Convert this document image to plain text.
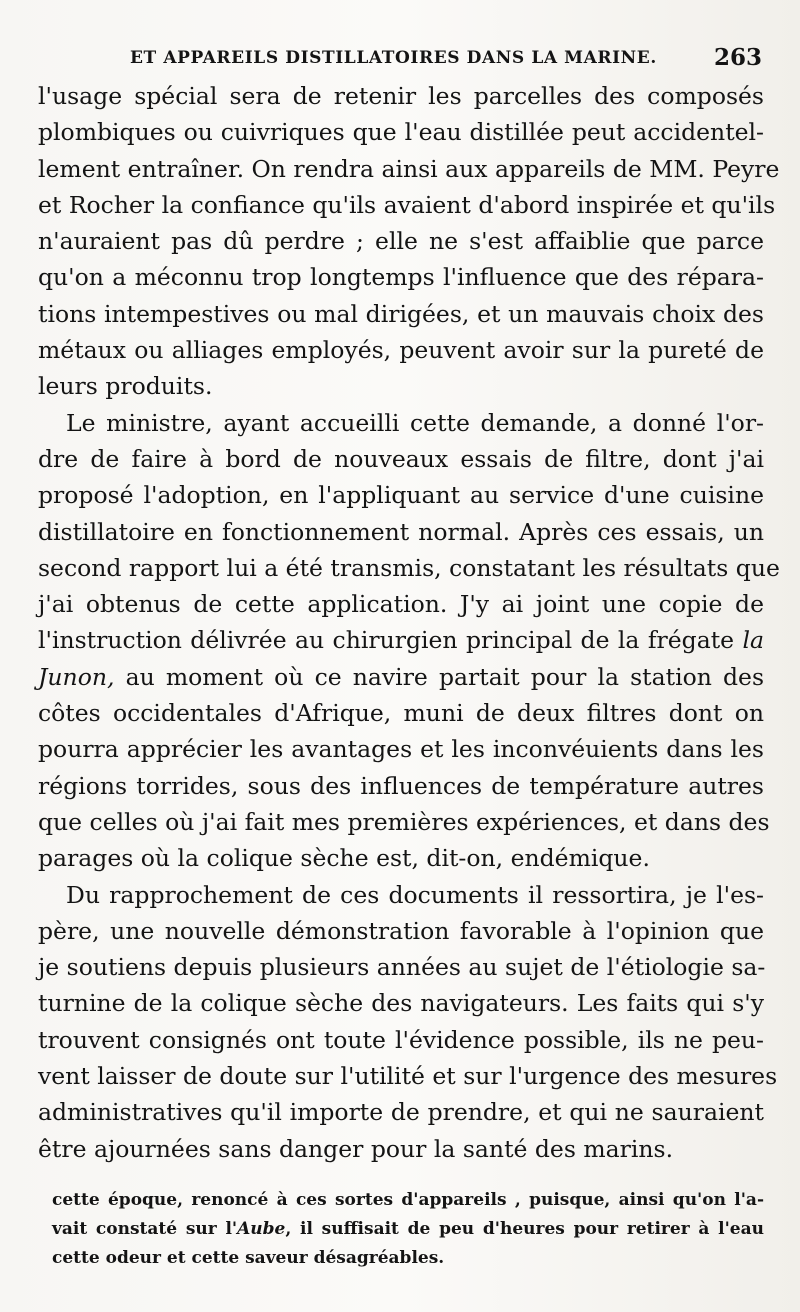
ET APPAREILS DISTILLATOIRES DANS LA MARINE. 263
l'usage spécial sera de retenir les parcelles des composés
plombiques ou cuivriques que l'eau distillée peut accidentel-
lement entraîner. On rendra ainsi aux appareils de MM. Peyre
et Rocher la confiance qu'ils avaient d'abord inspirée et qu'ils
n'auraient pas dû perdre ; elle ne s'est affaiblie que parce
qu'on a méconnu trop longtemps l'influence que des répara-
tions intempestives ou mal dirigées, et un mauvais choix des
métaux ou alliages employés, peuvent avoir sur la pureté de
leurs produits.
Le ministre, ayant accueilli cette demande, a donné l'or-
dre de faire à bord de nouveaux essais de filtre, dont j'ai
proposé l'adoption, en l'appliquant au service d'une cuisine
distillatoire en fonctionnement normal. Après ces essais, un
second rapport lui a été transmis, constatant les résultats que
j'ai obtenus de cette application. J'y ai joint une copie de
l'instruction délivrée au chirurgien principal de la frégate la
Junon, au moment où ce navire partait pour la station des
côtes occidentales d'Afrique, muni de deux filtres dont on
pourra apprécier les avantages et les inconvéuients dans les
régions torrides, sous des influences de température autres
que celles où j'ai fait mes premières expériences, et dans des
parages où la colique sèche est, dit-on, endémique.
Du rapprochement de ces documents il ressortira, je l'es-
père, une nouvelle démonstration favorable à l'opinion que
je soutiens depuis plusieurs années au sujet de l'étiologie sa-
turnine de la colique sèche des navigateurs. Les faits qui s'y
trouvent consignés ont toute l'évidence possible, ils ne peu-
vent laisser de doute sur l'utilité et sur l'urgence des mesures
administratives qu'il importe de prendre, et qui ne sauraient
être ajournées sans danger pour la santé des marins.
cette époque, renoncé à ces sortes d'appareils , puisque, ainsi qu'on l'a-
vait constaté sur l'Aube, il suffisait de peu d'heures pour retirer à l'eau
cette odeur et cette saveur désagréables.
